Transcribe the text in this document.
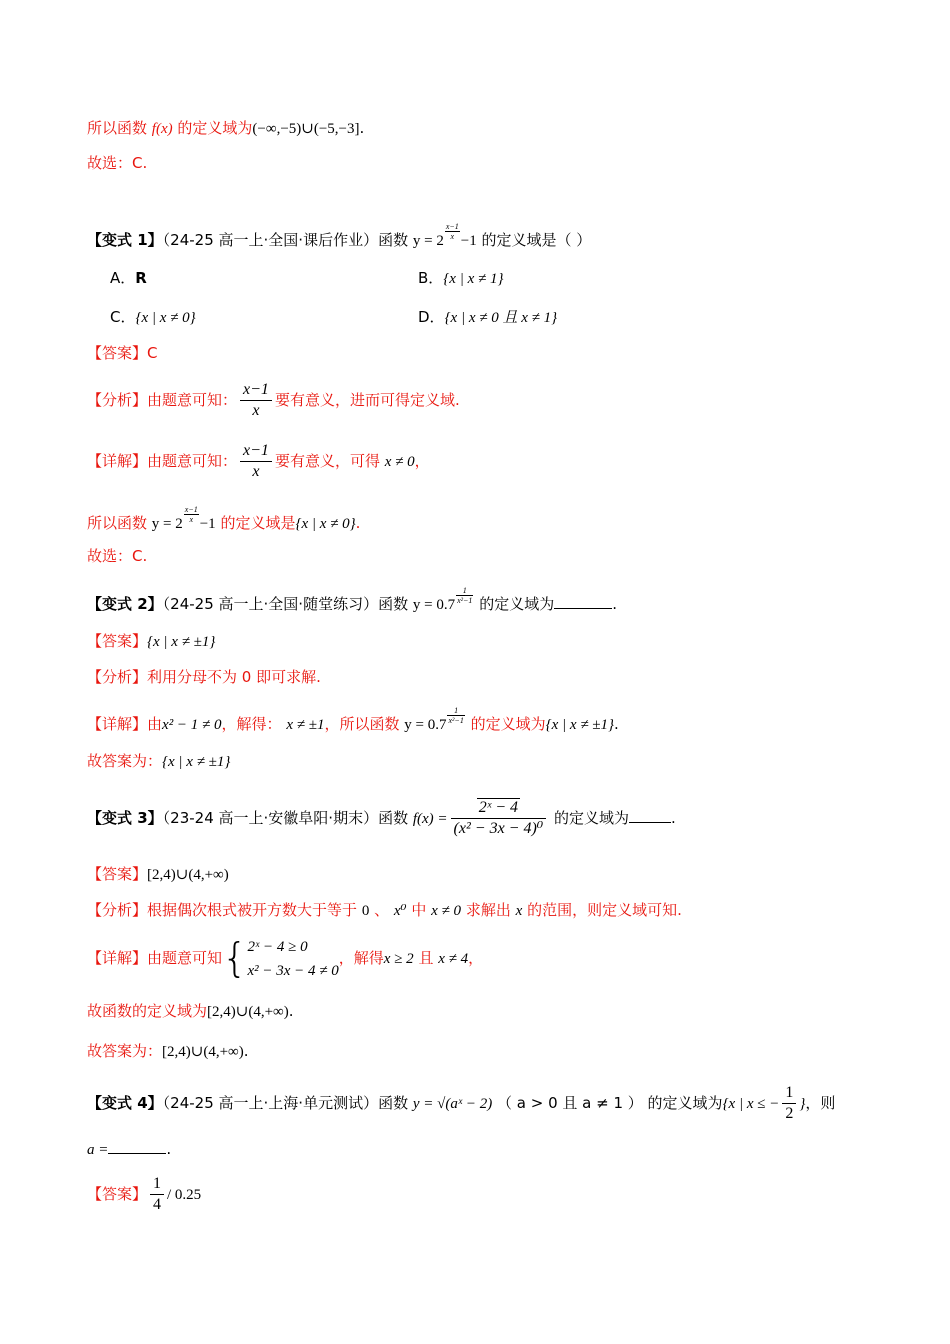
所以函数 f(x) 的定义域为(−∞,−5)∪(−5,−3].
故选：C.
【变式 1】（24-25 高一上·全国·课后作业）函数 $y = 2 \frac{x-1}{x} -1$ 的定义域是（ ）
A．R	B．{x | x ≠ 1}
C．{x | x ≠ 0}	D．{x | x ≠ 0 且 x ≠ 1}
【答案】C
【分析】由题意可知： $\frac{x-1}{x}$ 要有意义，进而可得定义域.
【详解】由题意可知： $\frac{x-1}{x}$ 要有意义，可得 x ≠ 0，
所以函数 $y = 2 \frac{x-1}{x} -1$ 的定义域是{x | x ≠ 0}.
故选：C.
【变式 2】（24-25 高一上·全国·随堂练习）函数 $y = 0.7 \frac{1}{\text{x²−1}}$ 的定义域为	.
【答案】{x | x ≠ ±1}
【分析】利用分母不为 0 即可求解.
【详解】由x² − 1 ≠ 0，解得： x ≠ ±1，所以函数 $y = 0.7 \frac{1}{\text{x²−1}}$ 的定义域为{x | x ≠ ±1}.
故答案为：{x | x ≠ ±1}
【变式 3】（23-24 高一上·安徽阜阳·期末）函数 $f(x) = \frac{\text{2ˣ − 4}}{\text{(x² − 3x − 4)⁰}}$ 的定义域为	.
【答案】[2,4)∪(4,+∞)
【分析】根据偶次根式被开方数大于等于 0 、 x⁰ 中 x ≠ 0 求解出 x 的范围，则定义域可知.
【详解】由题意可知{ 2ˣ − 4 ≥ 0
x² − 3x − 4 ≠ 0
，解得x ≥ 2 且 x ≠ 4，
故函数的定义域为[2,4)∪(4,+∞).
故答案为：[2,4)∪(4,+∞).
【变式 4】（24-25 高一上·上海·单元测试）函数 y = √(aˣ − 2) （ a > 0 且 a ≠ 1 ） 的定义域为{x | x ≤ − $\frac{1}{2}$ }，则
a =	.
【答案】 $\frac{1}{4} / 0.25$
